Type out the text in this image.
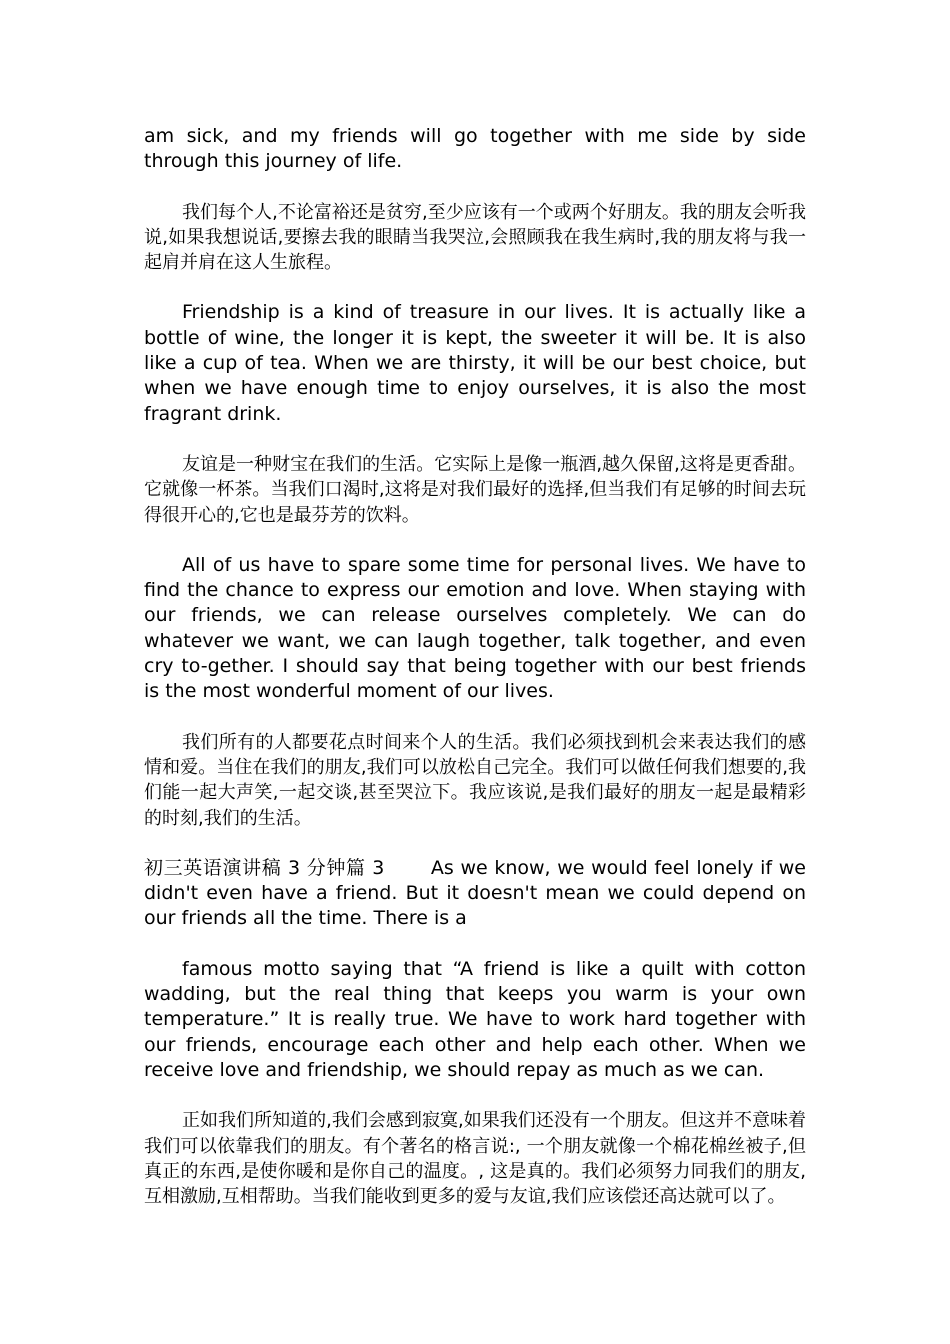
am sick, and my friends will go together with me side by side through this journey of life.

我们每个人,不论富裕还是贫穷,至少应该有一个或两个好朋友。我的朋友会听我说,如果我想说话,要擦去我的眼睛当我哭泣,会照顾我在我生病时,我的朋友将与我一起肩并肩在这人生旅程。

Friendship is a kind of treasure in our lives. It is actually like a bottle of wine, the longer it is kept, the sweeter it will be. It is also like a cup of tea. When we are thirsty, it will be our best choice, but when we have enough time to enjoy ourselves, it is also the most fragrant drink.

友谊是一种财宝在我们的生活。它实际上是像一瓶酒,越久保留,这将是更香甜。它就像一杯茶。当我们口渴时,这将是对我们最好的选择,但当我们有足够的时间去玩得很开心的,它也是最芬芳的饮料。

All of us have to spare some time for personal lives. We have to find the chance to express our emotion and love. When staying with our friends, we can release ourselves completely. We can do whatever we want, we can laugh together, talk together, and even cry to-gether. I should say that being together with our best friends is the most wonderful moment of our lives.

我们所有的人都要花点时间来个人的生活。我们必须找到机会来表达我们的感情和爱。当住在我们的朋友,我们可以放松自己完全。我们可以做任何我们想要的,我们能一起大声笑,一起交谈,甚至哭泣下。我应该说,是我们最好的朋友一起是最精彩的时刻,我们的生活。

初三英语演讲稿 3 分钟篇 3 As we know, we would feel lonely if we didn't even have a friend. But it doesn't mean we could depend on our friends all the time. There is a

famous motto saying that “A friend is like a quilt with cotton wadding, but the real thing that keeps you warm is your own temperature.” It is really true. We have to work hard together with our friends, encourage each other and help each other. When we receive love and friendship, we should repay as much as we can.

正如我们所知道的,我们会感到寂寞,如果我们还没有一个朋友。但这并不意味着我们可以依靠我们的朋友。有个著名的格言说:, 一个朋友就像一个棉花棉丝被子,但真正的东西,是使你暖和是你自己的温度。, 这是真的。我们必须努力同我们的朋友,互相激励,互相帮助。当我们能收到更多的爱与友谊,我们应该偿还高达就可以了。
